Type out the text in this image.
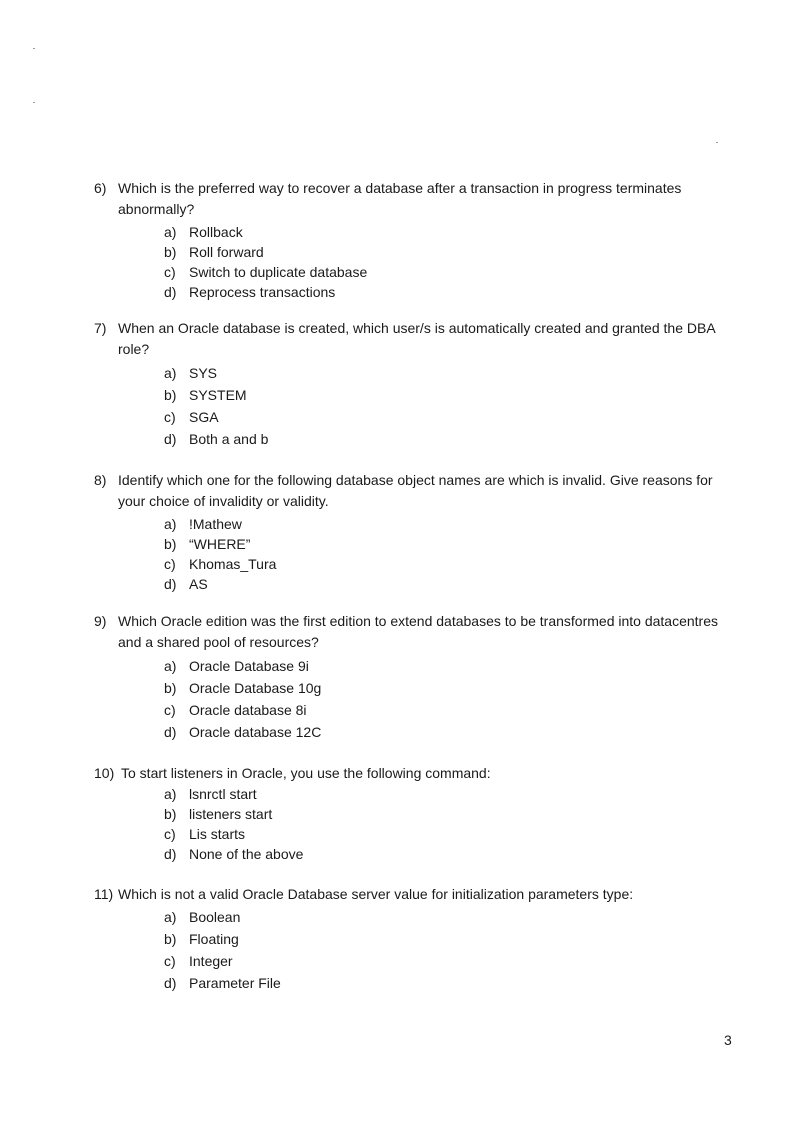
6) Which is the preferred way to recover a database after a transaction in progress terminates abnormally?
a) Rollback
b) Roll forward
c) Switch to duplicate database
d) Reprocess transactions
7) When an Oracle database is created, which user/s is automatically created and granted the DBA role?
a) SYS
b) SYSTEM
c) SGA
d) Both a and b
8) Identify which one for the following database object names are which is invalid. Give reasons for your choice of invalidity or validity.
a) !Mathew
b) “WHERE”
c) Khomas_Tura
d) AS
9) Which Oracle edition was the first edition to extend databases to be transformed into datacentres and a shared pool of resources?
a) Oracle Database 9i
b) Oracle Database 10g
c) Oracle database 8i
d) Oracle database 12C
10) To start listeners in Oracle, you use the following command:
a) lsnrctl start
b) listeners start
c) Lis starts
d) None of the above
11) Which is not a valid Oracle Database server value for initialization parameters type:
a) Boolean
b) Floating
c) Integer
d) Parameter File
3
